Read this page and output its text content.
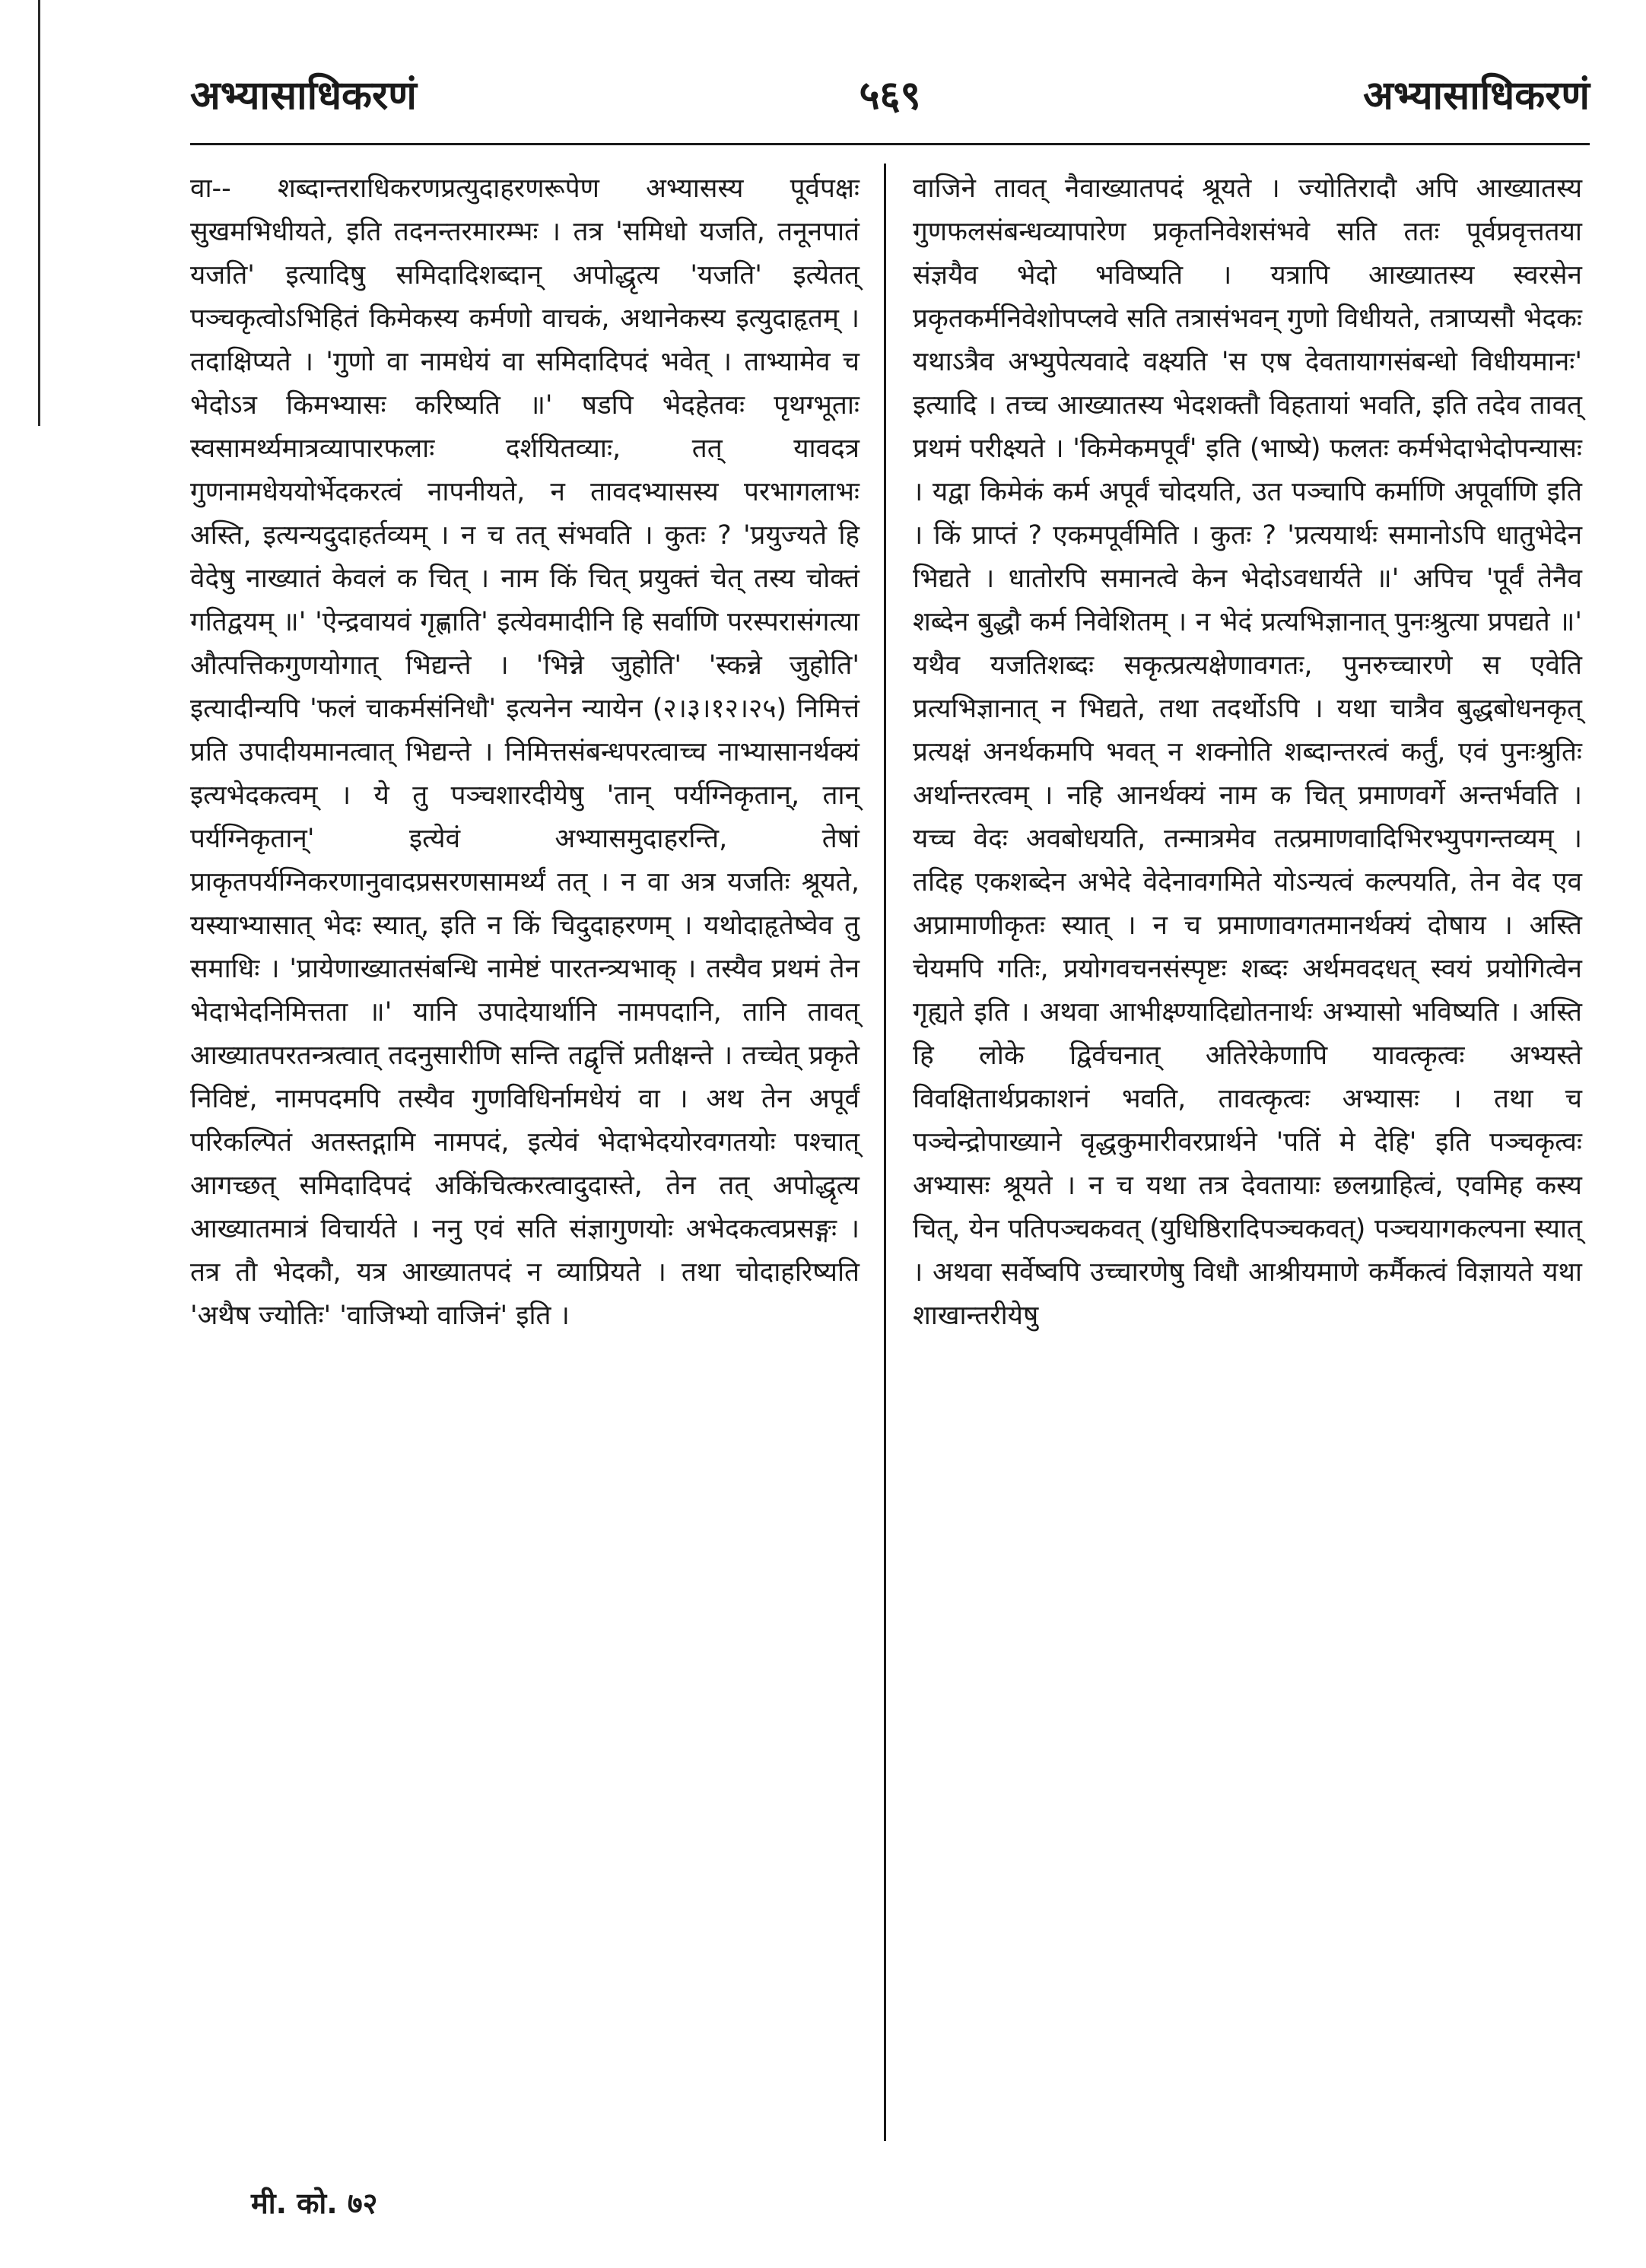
अभ्यासाधिकरणं	५६९	अभ्यासाधिकरणं

वा-- शब्दान्तराधिकरणप्रत्युदाहरणरूपेण अभ्यासस्य पूर्वपक्षः सुखमभिधीयते, इति तदनन्तरमारम्भः । तत्र 'समिधो यजति, तनूनपातं यजति' इत्यादिषु समिदादिशब्दान् अपोद्धृत्य 'यजति' इत्येतत् पञ्चकृत्वोऽभिहितं किमेकस्य कर्मणो वाचकं, अथानेकस्य इत्युदाहृतम् । तदाक्षिप्यते । 'गुणो वा नामधेयं वा समिदादिपदं भवेत् । ताभ्यामेव च भेदोऽत्र किमभ्यासः करिष्यति ॥' षडपि भेदहेतवः पृथग्भूताः स्वसामर्थ्यमात्रव्यापारफलाः दर्शयितव्याः, तत् यावदत्र गुणनामधेययोर्भेदकरत्वं नापनीयते, न तावदभ्यासस्य परभागलाभः अस्ति, इत्यन्यदुदाहर्तव्यम् । न च तत् संभवति । कुतः ? 'प्रयुज्यते हि वेदेषु नाख्यातं केवलं क चित् । नाम किं चित् प्रयुक्तं चेत् तस्य चोक्तं गतिद्वयम् ॥' 'ऐन्द्रवायवं गृह्णाति' इत्येवमादीनि हि सर्वाणि परस्परासंगत्या औत्पत्तिकगुणयोगात् भिद्यन्ते । 'भिन्ने जुहोति' 'स्कन्ने जुहोति' इत्यादीन्यपि 'फलं चाकर्मसंनिधौ' इत्यनेन न्यायेन (२।३।१२।२५) निमित्तं प्रति उपादीयमानत्वात् भिद्यन्ते । निमित्तसंबन्धपरत्वाच्च नाभ्यासानर्थक्यं इत्यभेदकत्वम् । ये तु पञ्चशारदीयेषु 'तान् पर्यग्निकृतान्, तान् पर्यग्निकृतान्' इत्येवं अभ्यासमुदाहरन्ति, तेषां प्राकृतपर्यग्निकरणानुवादप्रसरणसामर्थ्यं तत् । न वा अत्र यजतिः श्रूयते, यस्याभ्यासात् भेदः स्यात्, इति न किं चिदुदाहरणम् । यथोदाहृतेष्वेव तु समाधिः । 'प्रायेणाख्यातसंबन्धि नामेष्टं पारतन्त्र्यभाक् । तस्यैव प्रथमं तेन भेदाभेदनिमित्तता ॥' यानि उपादेयार्थानि नामपदानि, तानि तावत् आख्यातपरतन्त्रत्वात् तदनुसारीणि सन्ति तद्वृत्तिं प्रतीक्षन्ते । तच्चेत् प्रकृते निविष्टं, नामपदमपि तस्यैव गुणविधिर्नामधेयं वा । अथ तेन अपूर्वं परिकल्पितं अतस्तद्गामि नामपदं, इत्येवं भेदाभेदयोरवगतयोः पश्चात् आगच्छत् समिदादिपदं अकिंचित्करत्वादुदास्ते, तेन तत् अपोद्धृत्य आख्यातमात्रं विचार्यते । ननु एवं सति संज्ञागुणयोः अभेदकत्वप्रसङ्गः । तत्र तौ भेदकौ, यत्र आख्यातपदं न व्याप्रियते । तथा चोदाहरिष्यति 'अथैष ज्योतिः' 'वाजिभ्यो वाजिनं' इति ।

वाजिने तावत् नैवाख्यातपदं श्रूयते । ज्योतिरादौ अपि आख्यातस्य गुणफलसंबन्धव्यापारेण प्रकृतनिवेशसंभवे सति ततः पूर्वप्रवृत्ततया संज्ञयैव भेदो भविष्यति । यत्रापि आख्यातस्य स्वरसेन प्रकृतकर्मनिवेशोपप्लवे सति तत्रासंभवन् गुणो विधीयते, तत्राप्यसौ भेदकः यथाऽत्रैव अभ्युपेत्यवादे वक्ष्यति 'स एष देवतायागसंबन्धो विधीयमानः' इत्यादि । तच्च आख्यातस्य भेदशक्तौ विहतायां भवति, इति तदेव तावत् प्रथमं परीक्ष्यते । 'किमेकमपूर्वं' इति (भाष्ये) फलतः कर्मभेदाभेदोपन्यासः । यद्वा किमेकं कर्म अपूर्वं चोदयति, उत पञ्चापि कर्माणि अपूर्वाणि इति । किं प्राप्तं ? एकमपूर्वमिति । कुतः ? 'प्रत्ययार्थः समानोऽपि धातुभेदेन भिद्यते । धातोरपि समानत्वे केन भेदोऽवधार्यते ॥' अपिच 'पूर्वं तेनैव शब्देन बुद्धौ कर्म निवेशितम् । न भेदं प्रत्यभिज्ञानात् पुनःश्रुत्या प्रपद्यते ॥' यथैव यजतिशब्दः सकृत्प्रत्यक्षेणावगतः, पुनरुच्चारणे स एवेति प्रत्यभिज्ञानात् न भिद्यते, तथा तदर्थोऽपि । यथा चात्रैव बुद्धबोधनकृत् प्रत्यक्षं अनर्थकमपि भवत् न शक्नोति शब्दान्तरत्वं कर्तुं, एवं पुनःश्रुतिः अर्थान्तरत्वम् । नहि आनर्थक्यं नाम क चित् प्रमाणवर्गे अन्तर्भवति । यच्च वेदः अवबोधयति, तन्मात्रमेव तत्प्रमाणवादिभिरभ्युपगन्तव्यम् । तदिह एकशब्देन अभेदे वेदेनावगमिते योऽन्यत्वं कल्पयति, तेन वेद एव अप्रामाणीकृतः स्यात् । न च प्रमाणावगतमानर्थक्यं दोषाय । अस्ति चेयमपि गतिः, प्रयोगवचनसंस्पृष्टः शब्दः अर्थमवदधत् स्वयं प्रयोगित्वेन गृह्यते इति । अथवा आभीक्ष्ण्यादिद्योतनार्थः अभ्यासो भविष्यति । अस्ति हि लोके द्विर्वचनात् अतिरेकेणापि यावत्कृत्वः अभ्यस्ते विवक्षितार्थप्रकाशनं भवति, तावत्कृत्वः अभ्यासः । तथा च पञ्चेन्द्रोपाख्याने वृद्धकुमारीवरप्रार्थने 'पतिं मे देहि' इति पञ्चकृत्वः अभ्यासः श्रूयते । न च यथा तत्र देवतायाः छलग्राहित्वं, एवमिह कस्य चित्, येन पतिपञ्चकवत् (युधिष्ठिरादिपञ्चकवत्) पञ्चयागकल्पना स्यात् । अथवा सर्वेष्वपि उच्चारणेषु विधौ आश्रीयमाणे कर्मैकत्वं विज्ञायते यथा शाखान्तरीयेषु

मी. को. ७२
